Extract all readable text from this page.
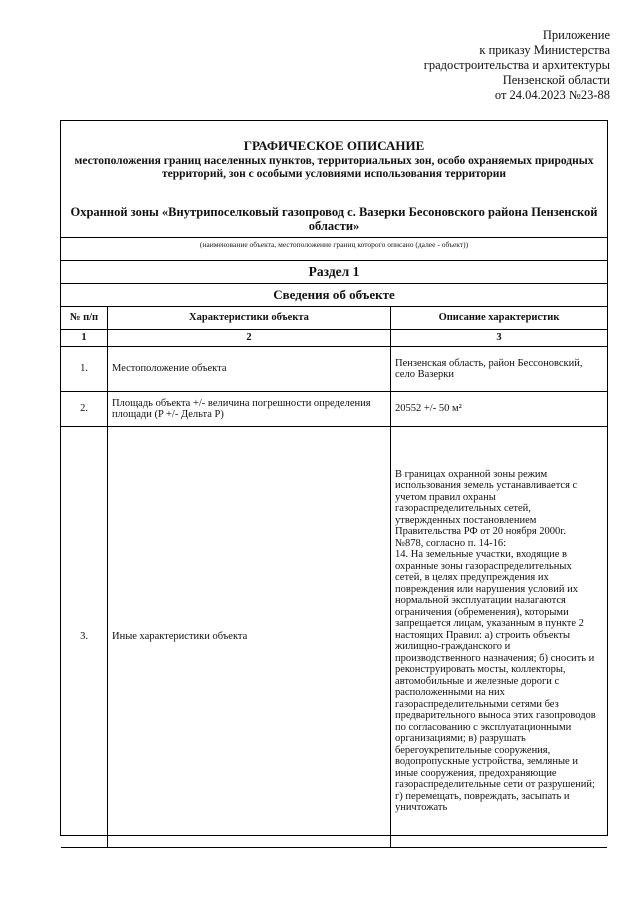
Приложение
к приказу Министерства
градостроительства и архитектуры
Пензенской области
от 24.04.2023 №23-88
ГРАФИЧЕСКОЕ ОПИСАНИЕ
местоположения границ населенных пунктов, территориальных зон, особо охраняемых природных территорий, зон с особыми условиями использования территории
Охранной зоны «Внутрипоселковый газопровод с. Вазерки Бесоновского района Пензенской области»
(наименование объекта, местоположение границ которого описано (далее - объект))
Раздел 1
Сведения об объекте
№ п/п	Характеристики объекта	Описание характеристик
1	2	3
1.	Местоположение объекта	Пензенская область, район Бессоновский, село Вазерки
2.	Площадь объекта +/- величина погрешности определения площади (P +/- Дельта P)	20552 +/- 50 м²
3.	Иные характеристики объекта	В границах охранной зоны режим использования земель устанавливается с учетом правил охраны газораспределительных сетей, утвержденных постановлением Правительства РФ от 20 ноября 2000г. №878, согласно п. 14-16:
14. На земельные участки, входящие в охранные зоны газораспределительных сетей, в целях предупреждения их повреждения или нарушения условий их нормальной эксплуатации налагаются ограничения (обременения), которыми запрещается лицам, указанным в пункте 2 настоящих Правил: а) строить объекты жилищно-гражданского и производственного назначения; б) сносить и реконструировать мосты, коллекторы, автомобильные и железные дороги с расположенными на них газораспределительными сетями без предварительного выноса этих газопроводов по согласованию с эксплуатационными организациями; в) разрушать берегоукрепительные сооружения, водопропускные устройства, земляные и иные сооружения, предохраняющие газораспределительные сети от разрушений; г) перемещать, повреждать, засыпать и уничтожать
